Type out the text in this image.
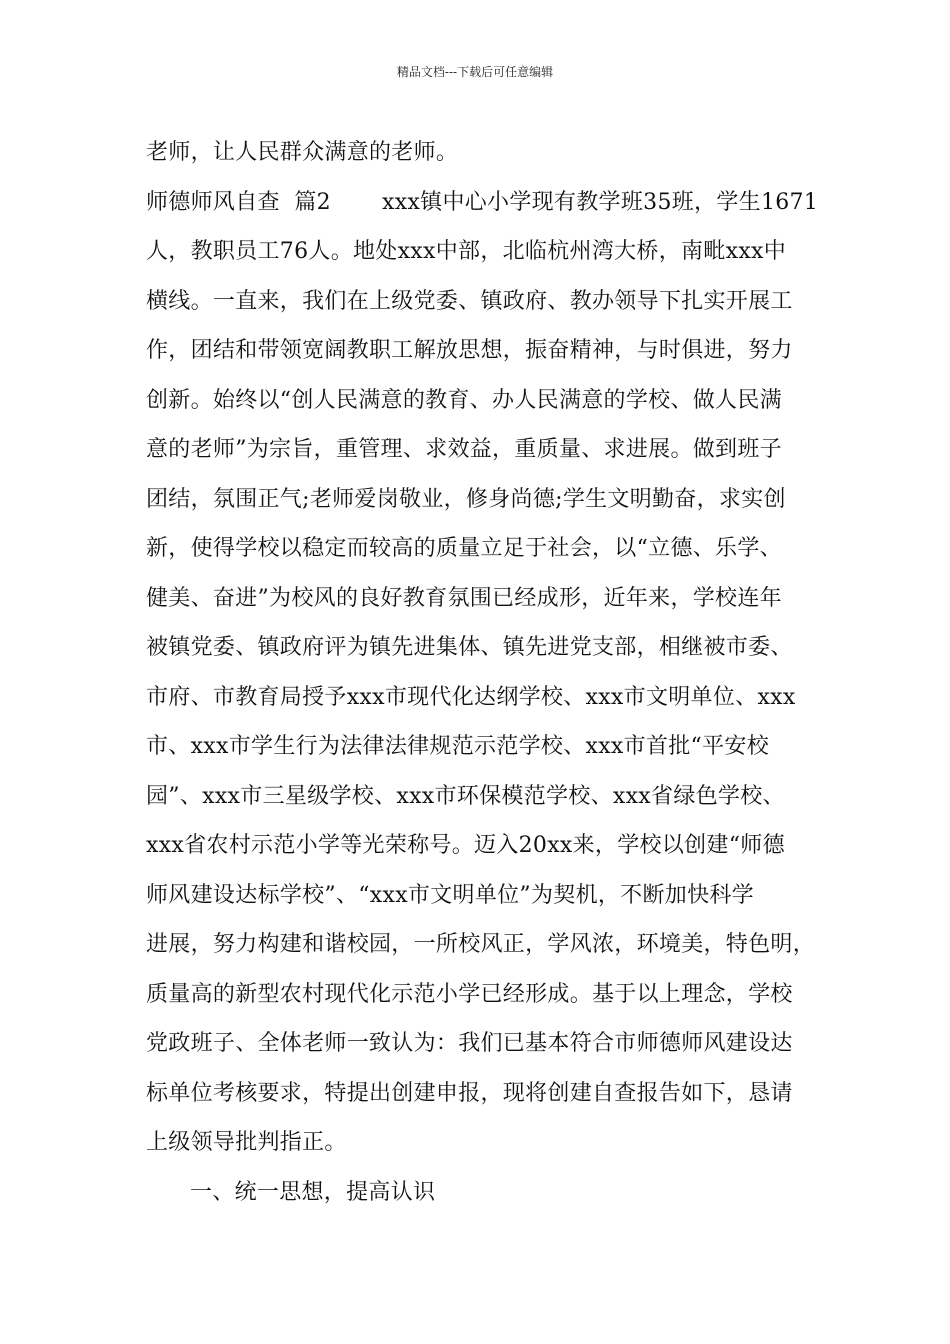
精品文档---下载后可任意编辑
老师，让人民群众满意的老师。
师德师风自查  篇2       xxx镇中心小学现有教学班35班，学生1671
人，教职员工76人。地处xxx中部，北临杭州湾大桥，南毗xxx中
横线。一直来，我们在上级党委、镇政府、教办领导下扎实开展工
作，团结和带领宽阔教职工解放思想，振奋精神，与时俱进，努力
创新。始终以“创人民满意的教育、办人民满意的学校、做人民满
意的老师”为宗旨，重管理、求效益，重质量、求进展。做到班子
团结，氛围正气;老师爱岗敬业，修身尚德;学生文明勤奋，求实创
新，使得学校以稳定而较高的质量立足于社会，以“立德、乐学、
健美、奋进”为校风的良好教育氛围已经成形，近年来，学校连年
被镇党委、镇政府评为镇先进集体、镇先进党支部，相继被市委、
市府、市教育局授予xxx市现代化达纲学校、xxx市文明单位、xxx
市、xxx市学生行为法律法律规范示范学校、xxx市首批“平安校
园”、xxx市三星级学校、xxx市环保模范学校、xxx省绿色学校、
xxx省农村示范小学等光荣称号。迈入20xx来，学校以创建“师德
师风建设达标学校”、“xxx市文明单位”为契机，不断加快科学
进展，努力构建和谐校园，一所校风正，学风浓，环境美，特色明，
质量高的新型农村现代化示范小学已经形成。基于以上理念，学校
党政班子、全体老师一致认为：我们已基本符合市师德师风建设达
标单位考核要求，特提出创建申报，现将创建自查报告如下，恳请
上级领导批判指正。
一、统一思想，提高认识
